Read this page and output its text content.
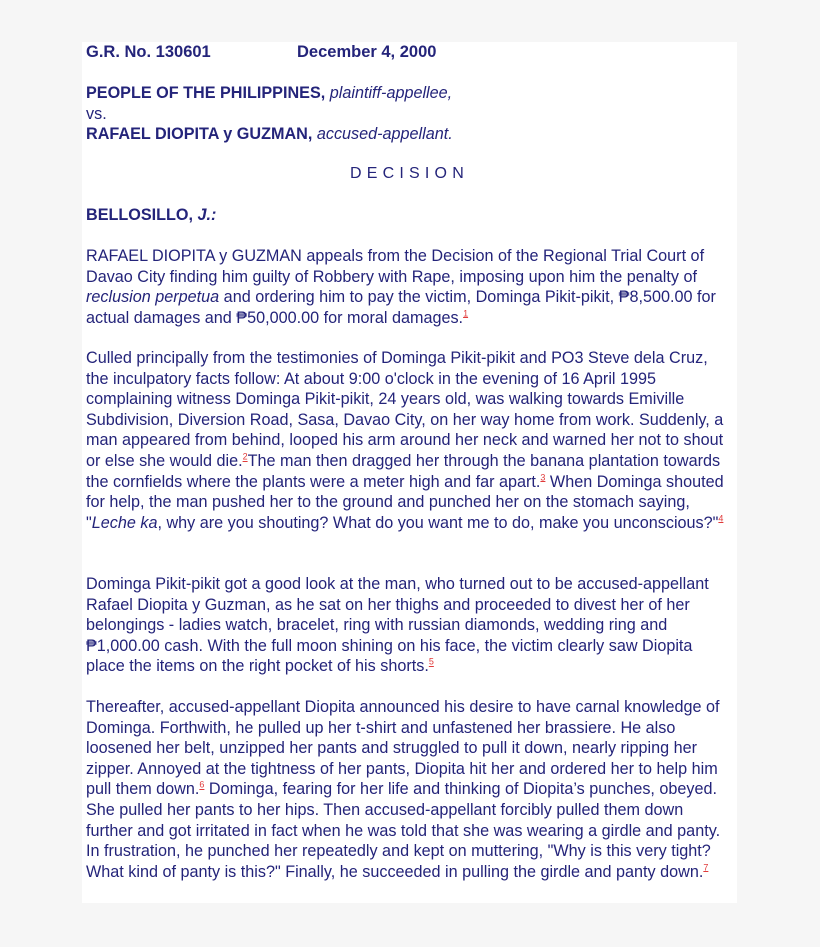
G.R. No. 130601	December 4, 2000
PEOPLE OF THE PHILIPPINES, plaintiff-appellee,
vs.
RAFAEL DIOPITA y GUZMAN, accused-appellant.
DECISION
BELLOSILLO, J.:

RAFAEL DIOPITA y GUZMAN appeals from the Decision of the Regional Trial Court of Davao City finding him guilty of Robbery with Rape, imposing upon him the penalty of reclusion perpetua and ordering him to pay the victim, Dominga Pikit-pikit, ₱8,500.00 for actual damages and ₱50,000.00 for moral damages.$^1$

Culled principally from the testimonies of Dominga Pikit-pikit and PO3 Steve dela Cruz, the inculpatory facts follow: At about 9:00 o'clock in the evening of 16 April 1995 complaining witness Dominga Pikit-pikit, 24 years old, was walking towards Emiville Subdivision, Diversion Road, Sasa, Davao City, on her way home from work. Suddenly, a man appeared from behind, looped his arm around her neck and warned her not to shout or else she would die.$^2$The man then dragged her through the banana plantation towards the cornfields where the plants were a meter high and far apart.$^3$ When Dominga shouted for help, the man pushed her to the ground and punched her on the stomach saying, "Leche ka, why are you shouting? What do you want me to do, make you unconscious?"$^4$

Dominga Pikit-pikit got a good look at the man, who turned out to be accused-appellant Rafael Diopita y Guzman, as he sat on her thighs and proceeded to divest her of her belongings - ladies watch, bracelet, ring with russian diamonds, wedding ring and ₱1,000.00 cash. With the full moon shining on his face, the victim clearly saw Diopita place the items on the right pocket of his shorts.$^5$

Thereafter, accused-appellant Diopita announced his desire to have carnal knowledge of Dominga. Forthwith, he pulled up her t-shirt and unfastened her brassiere. He also loosened her belt, unzipped her pants and struggled to pull it down, nearly ripping her zipper. Annoyed at the tightness of her pants, Diopita hit her and ordered her to help him pull them down.$^6$ Dominga, fearing for her life and thinking of Diopita’s punches, obeyed. She pulled her pants to her hips. Then accused-appellant forcibly pulled them down further and got irritated in fact when he was told that she was wearing a girdle and panty. In frustration, he punched her repeatedly and kept on muttering, "Why is this very tight? What kind of panty is this?" Finally, he succeeded in pulling the girdle and panty down.$^7$
